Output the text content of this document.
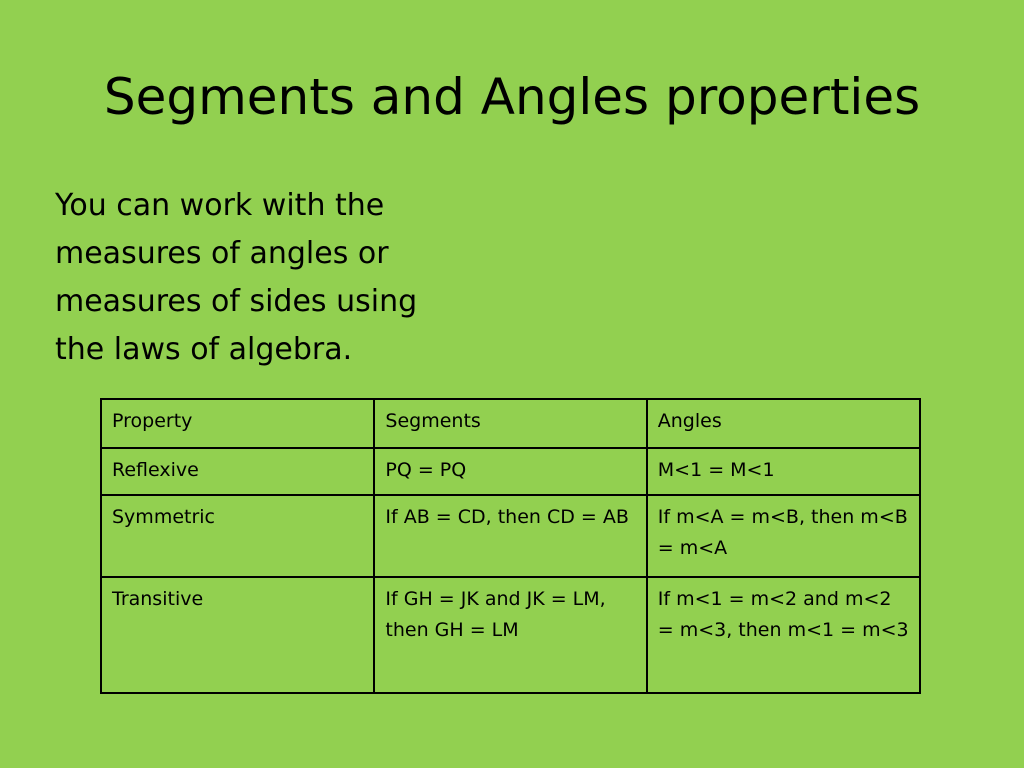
Segments and Angles properties
You can work with the
measures of angles or
measures of sides using
the laws of algebra.
Property	Segments	Angles
Reflexive	PQ = PQ	M<1 = M<1
Symmetric	If AB = CD, then CD = AB	If m<A = m<B, then m<B = m<A
Transitive	If GH = JK and JK = LM, then GH = LM	If m<1 = m<2 and m<2 = m<3, then m<1 = m<3
